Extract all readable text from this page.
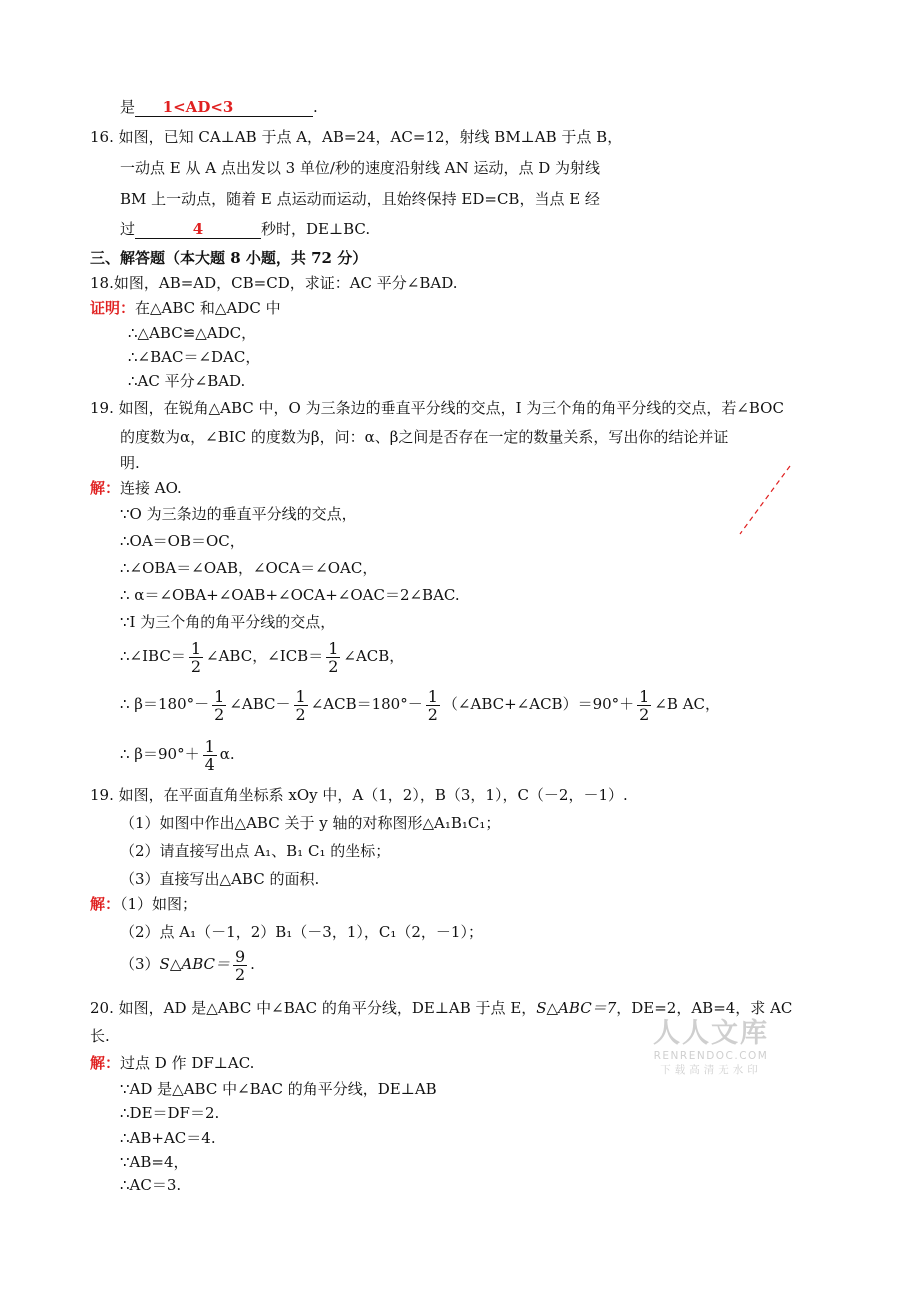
是 1<AD<3	.
16. 如图，已知 CA⊥AB 于点 A，AB=24，AC=12，射线 BM⊥AB 于点 B，
一动点 E 从 A 点出发以 3 单位/秒的速度沿射线 AN 运动，点 D 为射线
BM 上一动点，随着 E 点运动而运动，且始终保持 ED=CB，当点 E 经
过	4	秒时，DE⊥BC.
三、解答题（本大题 8 小题，共 72 分）
18.如图，AB=AD，CB=CD，求证：AC 平分∠BAD.
证明：在△ABC 和△ADC 中
∴△ABC≌△ADC，
∴∠BAC＝∠DAC，
∴AC 平分∠BAD.
19. 如图，在锐角△ABC 中，O 为三条边的垂直平分线的交点，I 为三个角的角平分线的交点，若∠BOC
的度数为α，∠BIC 的度数为β，问：α、β之间是否存在一定的数量关系，写出你的结论并证
明.
解：连接 AO.
∵O 为三条边的垂直平分线的交点，
∴OA＝OB＝OC，
∴∠OBA＝∠OAB，∠OCA＝∠OAC，
∴ α＝∠OBA+∠OAB+∠OCA+∠OAC＝2∠BAC.
∵I 为三个角的角平分线的交点，
∴∠IBC＝ $\frac{1}{2}$ ∠ABC，∠ICB＝ $\frac{1}{2}$ ∠ACB，
∴ $\beta=180^\circ- \frac{1}{2}$ ∠ABC－ $\frac{1}{2}$ ∠ACB＝180°－ $\frac{1}{2}$ （∠ABC+∠ACB）＝90°＋ $\frac{1}{2}$ ∠B AC，
∴ $\beta=90^\circ+ \frac{1}{4} \alpha$.
19. 如图，在平面直角坐标系 xOy 中，A（1，2），B（3，1），C（－2，－1）.
（1）如图中作出△ABC 关于 y 轴的对称图形△A₁B₁C₁；
（2）请直接写出点 A₁、B₁ C₁ 的坐标；
（3）直接写出△ABC 的面积.
解：（1）如图；
（2）点 A₁（－1，2）B₁（－3，1），C₁（2，－1）；
（3）S△ABC＝ $\frac{9}{2}$ .
20. 如图，AD 是△ABC 中∠BAC 的角平分线，DE⊥AB 于点 E，S△ABC＝7，DE=2，AB=4，求 AC
长.
解：过点 D 作 DF⊥AC.
∵AD 是△ABC 中∠BAC 的角平分线，DE⊥AB
∴DE＝DF＝2.
∴AB+AC＝4.
∵AB=4，
∴AC＝3.
人人文库
RENRENDOC.COM
下载高清无水印
